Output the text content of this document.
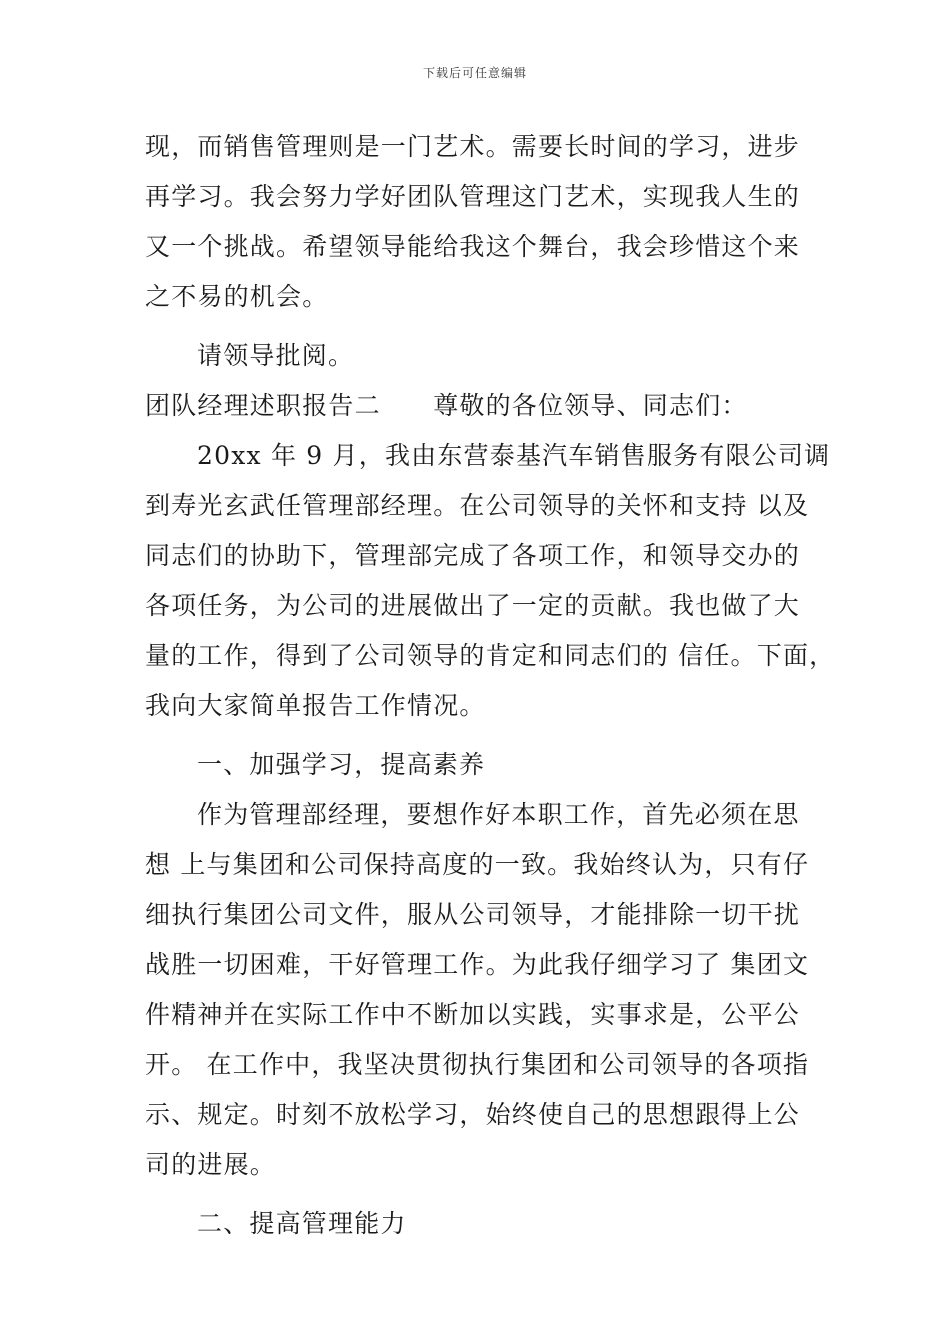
下载后可任意编辑

现，而销售管理则是一门艺术。需要长时间的学习，进步

再学习。我会努力学好团队管理这门艺术，实现我人生的

又一个挑战。希望领导能给我这个舞台，我会珍惜这个来

之不易的机会。

请领导批阅。

团队经理述职报告二　　尊敬的各位领导、同志们：

20xx 年 9 月，我由东营泰基汽车销售服务有限公司调

到寿光玄武任管理部经理。在公司领导的关怀和支持 以及

同志们的协助下，管理部完成了各项工作，和领导交办的

各项任务，为公司的进展做出了一定的贡献。我也做了大

量的工作，得到了公司领导的肯定和同志们的 信任。下面，

我向大家简单报告工作情况。

一、加强学习，提高素养

作为管理部经理，要想作好本职工作，首先必须在思

想 上与集团和公司保持高度的一致。我始终认为，只有仔

细执行集团公司文件，服从公司领导，才能排除一切干扰

战胜一切困难，干好管理工作。为此我仔细学习了 集团文

件精神并在实际工作中不断加以实践，实事求是，公平公

开。 在工作中，我坚决贯彻执行集团和公司领导的各项指

示、规定。时刻不放松学习，始终使自己的思想跟得上公

司的进展。

二、提高管理能力
